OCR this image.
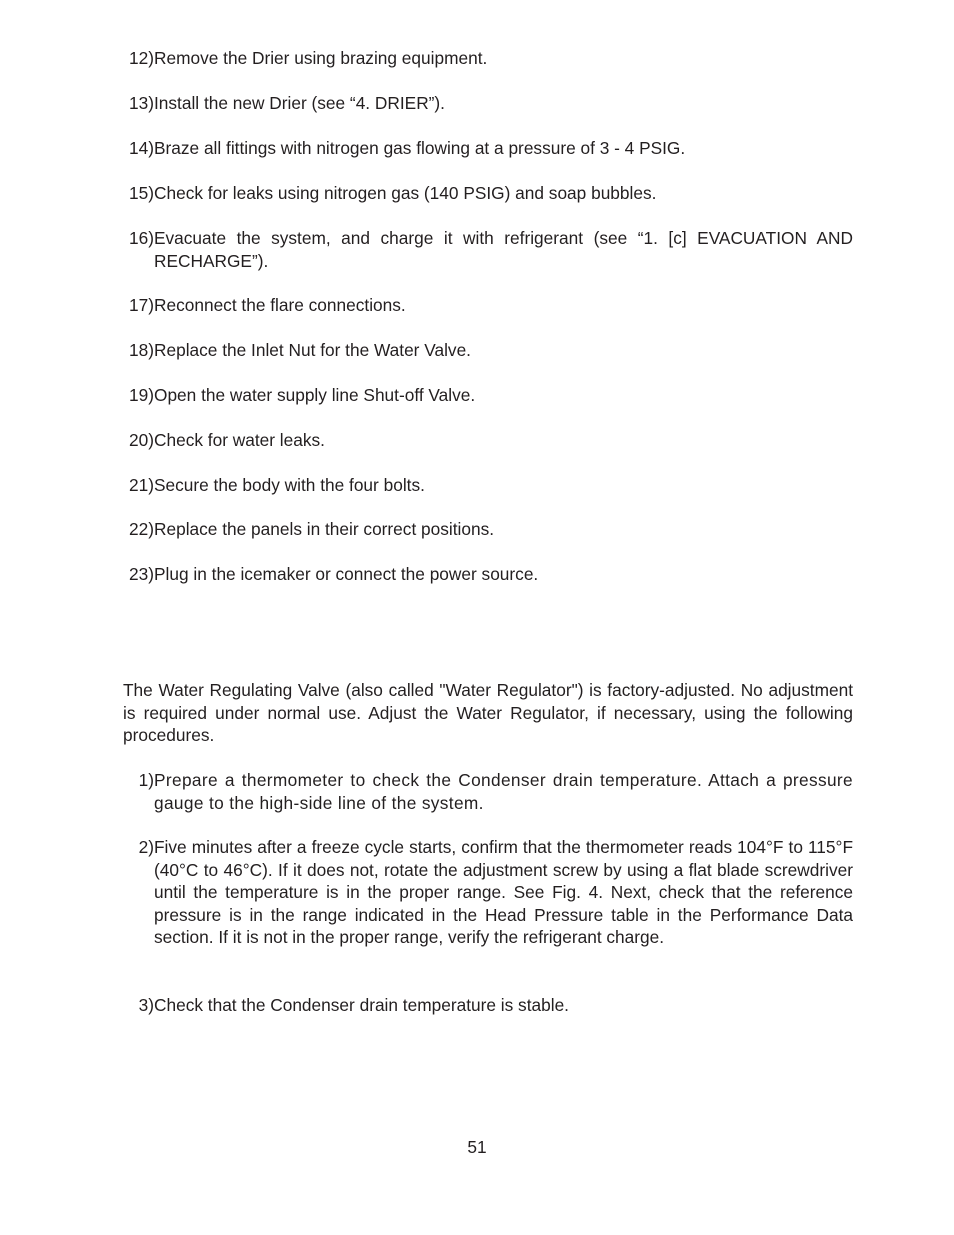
12) Remove the Drier using brazing equipment.
13) Install the new Drier (see “4. DRIER”).
14) Braze all fittings with nitrogen gas flowing at a pressure of 3 - 4 PSIG.
15) Check for leaks using nitrogen gas (140 PSIG) and soap bubbles.
16) Evacuate the system, and charge it with refrigerant (see “1. [c] EVACUATION AND RECHARGE”).
17) Reconnect the flare connections.
18) Replace the Inlet Nut for the Water Valve.
19) Open the water supply line Shut-off Valve.
20) Check for water leaks.
21) Secure the body with the four bolts.
22) Replace the panels in their correct positions.
23) Plug in the icemaker or connect the power source.
The Water Regulating Valve (also called "Water Regulator") is factory-adjusted. No adjustment is required under normal use. Adjust the Water Regulator, if necessary, using the following procedures.
1) Prepare a thermometer to check the Condenser drain temperature. Attach a pressure gauge to the high-side line of the system.
2) Five minutes after a freeze cycle starts, confirm that the thermometer reads 104°F to 115°F (40°C to 46°C). If it does not, rotate the adjustment screw by using a flat blade screwdriver until the temperature is in the proper range. See Fig. 4. Next, check that the reference pressure is in the range indicated in the Head Pressure table in the Performance Data section. If it is not in the proper range, verify the refrigerant charge.
3) Check that the Condenser drain temperature is stable.
51
